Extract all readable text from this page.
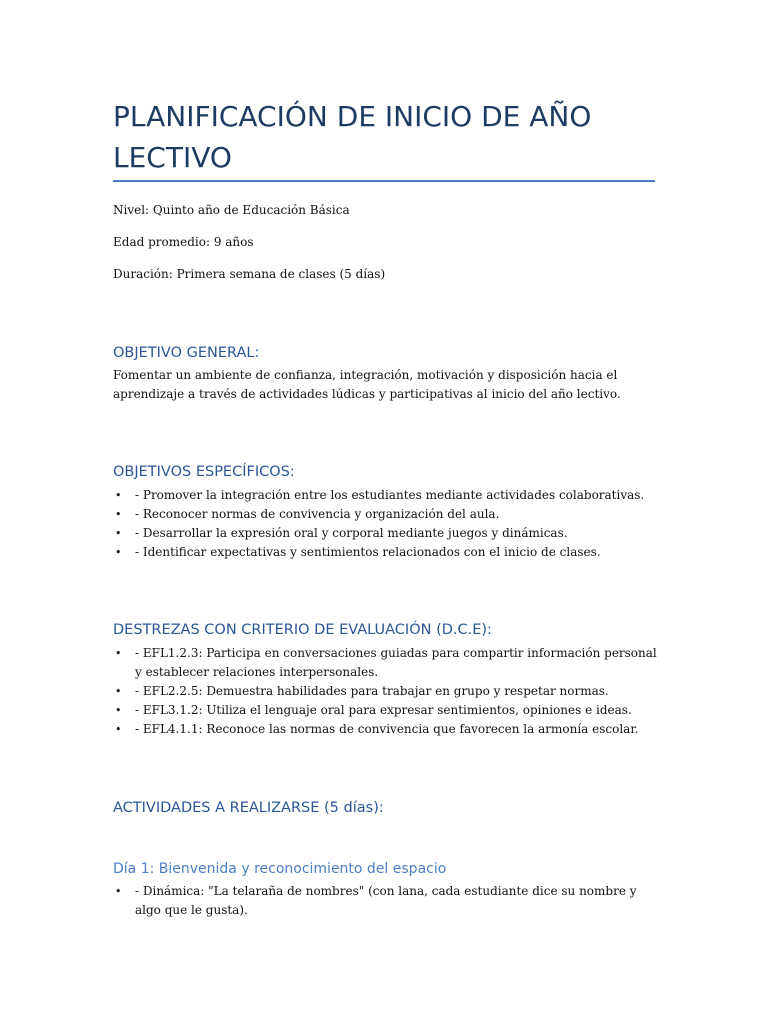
PLANIFICACIÓN DE INICIO DE AÑO LECTIVO

Nivel: Quinto año de Educación Básica

Edad promedio: 9 años

Duración: Primera semana de clases (5 días)

OBJETIVO GENERAL:

Fomentar un ambiente de confianza, integración, motivación y disposición hacia el aprendizaje a través de actividades lúdicas y participativas al inicio del año lectivo.

OBJETIVOS ESPECÍFICOS:
• - Promover la integración entre los estudiantes mediante actividades colaborativas.
• - Reconocer normas de convivencia y organización del aula.
• - Desarrollar la expresión oral y corporal mediante juegos y dinámicas.
• - Identificar expectativas y sentimientos relacionados con el inicio de clases.
DESTREZAS CON CRITERIO DE EVALUACIÓN (D.C.E):
• - EFL1.2.3: Participa en conversaciones guiadas para compartir información personal y establecer relaciones interpersonales.
• - EFL2.2.5: Demuestra habilidades para trabajar en grupo y respetar normas.
• - EFL3.1.2: Utiliza el lenguaje oral para expresar sentimientos, opiniones e ideas.
• - EFL4.1.1: Reconoce las normas de convivencia que favorecen la armonía escolar.
ACTIVIDADES A REALIZARSE (5 días):
Día 1: Bienvenida y reconocimiento del espacio
• - Dinámica: "La telaraña de nombres" (con lana, cada estudiante dice su nombre y algo que le gusta).
